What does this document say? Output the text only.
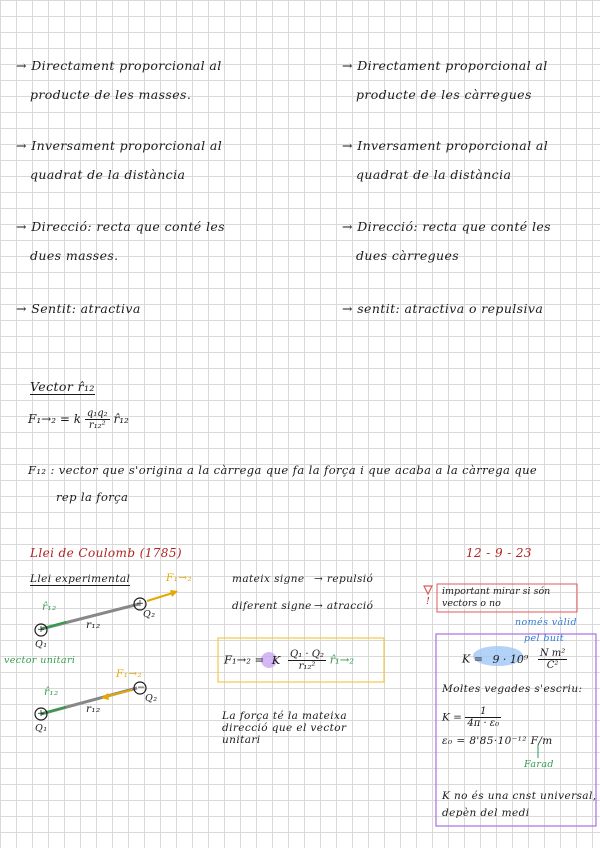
→ Directament proporcional al
producte de les masses.
→ Inversament proporcional al
quadrat de la distància
→ Direcció: recta que conté les
dues masses.
→ Sentit: atractiva
→ Directament proporcional al
producte de les càrregues
→ Inversament proporcional al
quadrat de la distància
→ Direcció: recta que conté les
dues càrregues
→ sentit: atractiva o repulsiva
Vector r̂₁₂
F₁→₂ = k $\frac{\text{q₁q₂}}{\text{r₁₂²}}$ r̂₁₂
F₁₂ : vector que s'origina a la càrrega que fa la força i que acaba a la càrrega que
rep la força
Llei de Coulomb (1785)	12 - 9 - 23
Llei experimental	F₁→₂
r̂₁₂
r₁₂
Q₁
Q₂
+
+
vector unitari
F₁→₂
r̂₁₂
r₁₂
Q₁
Q₂
+
−
mateix signe → repulsió
diferent signe → atracció	!
important mirar si són vectors o no
F₁→₂ = K $\frac{\text{Q₁ · Q₂}}{\text{r₁₂²}}$ r̂₁→₂
La força té la mateixa
direcció que el vector
unitari
només vàlid
pel buit
$K = 9 \cdot 10^9 \frac{\text{N m²}}{\text{C²}}$
Moltes vegades s'escriu:
$K = \frac{1}{\text{4π · ε₀}}$
ε₀ = 8'85·10⁻¹² F/m
Farad
K no és una cnst universal,
depèn del medi
